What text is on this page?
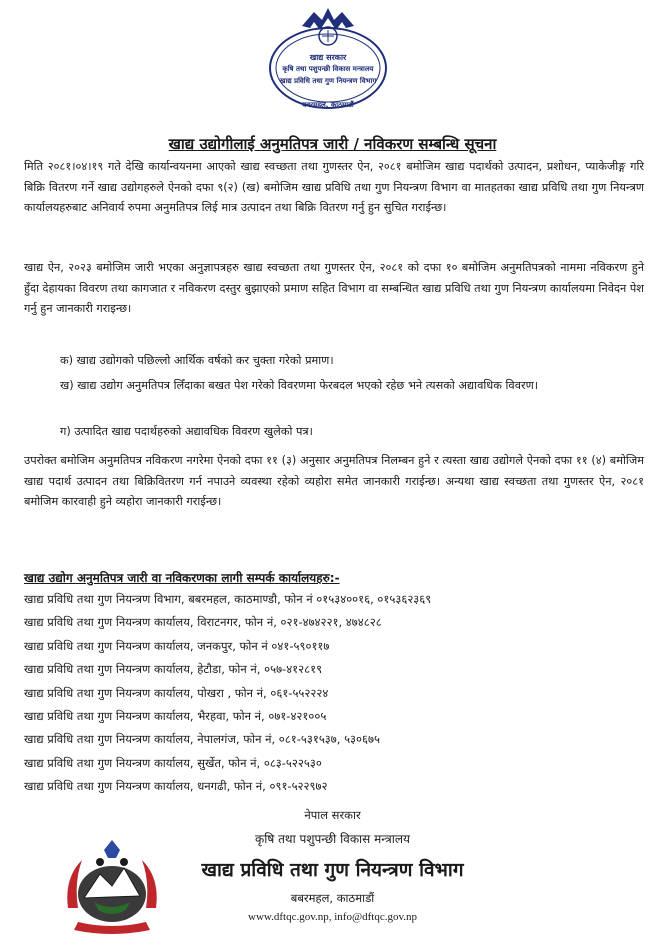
खाद्य सरकार
कृषि तथा पशुपन्छी विकास मन्त्रालय
खाद्य प्रविधि तथा गुण नियन्त्रण विभाग
बबरमहल, काठमाडौं
खाद्य उद्योगीलाई अनुमतिपत्र जारी / नविकरण सम्बन्धि सूचना

मिति २०८१।०४।१९ गते देखि कार्यान्वयनमा आएको खाद्य स्वच्छता तथा गुणस्तर ऐन, २०८१ बमोजिम खाद्य पदार्थको उत्पादन, प्रशोधन, प्याकेजीङ्ग गरि बिक्रि वितरण गर्ने खाद्य उद्योगहरुले ऐनको दफा ९(२) (ख) बमोजिम खाद्य प्रविधि तथा गुण नियन्त्रण विभाग वा मातहतका खाद्य प्रविधि तथा गुण नियन्त्रण कार्यालयहरुबाट अनिवार्य रुपमा अनुमतिपत्र लिई मात्र उत्पादन तथा बिक्रि वितरण गर्नु हुन सुचित गराईन्छ।

खाद्य ऐन, २०२३ बमोजिम जारी भएका अनुज्ञापत्रहरु खाद्य स्वच्छता तथा गुणस्तर ऐन, २०८१ को दफा १० बमोजिम अनुमतिपत्रको नाममा नविकरण हुने हुँदा देहायका विवरण तथा कागजात र नविकरण दस्तुर बुझाएको प्रमाण सहित विभाग वा सम्बन्धित खाद्य प्रविधि तथा गुण नियन्त्रण कार्यालयमा निवेदन पेश गर्नु हुन जानकारी गराइन्छ।

क) खाद्य उद्योगको पछिल्लो आर्थिक वर्षको कर चुक्ता गरेको प्रमाण।

ख) खाद्य उद्योग अनुमतिपत्र लिँदाका बखत पेश गरेको विवरणमा फेरबदल भएको रहेछ भने त्यसको अद्यावधिक विवरण।

ग) उत्पादित खाद्य पदार्थहरुको अद्यावधिक विवरण खुलेको पत्र।

उपरोक्त बमोजिम अनुमतिपत्र नविकरण नगरेमा ऐनको दफा ११ (३) अनुसार अनुमतिपत्र निलम्बन हुने र त्यस्ता खाद्य उद्योगले ऐनको दफा ११ (४) बमोजिम खाद्य पदार्थ उत्पादन तथा बिक्रिवितरण गर्न नपाउने व्यवस्था रहेको व्यहोरा समेत जानकारी गराईन्छ। अन्यथा खाद्य स्वच्छता तथा गुणस्तर ऐन, २०८१ बमोजिम कारवाही हुने व्यहोरा जानकारी गराईन्छ।

खाद्य उद्योग अनुमतिपत्र जारी वा नविकरणका लागी सम्पर्क कार्यालयहरु:-
खाद्य प्रविधि तथा गुण नियन्त्रण विभाग, बबरमहल, काठमाण्डौ, फोन नं ०१५३४००१६, ०१५३६२३६९
खाद्य प्रविधि तथा गुण नियन्त्रण कार्यालय, विराटनगर, फोन नं, ०२१-४७४२२१, ४७४८२८
खाद्य प्रविधि तथा गुण नियन्त्रण कार्यालय, जनकपुर, फोन नं ०४१-५९०११७
खाद्य प्रविधि तथा गुण नियन्त्रण कार्यालय, हेटौडा, फोन नं, ०५७-४१२८१९
खाद्य प्रविधि तथा गुण नियन्त्रण कार्यालय, पोखरा , फोन नं, ०६१-५५२२२४
खाद्य प्रविधि तथा गुण नियन्त्रण कार्यालय, भैरहवा, फोन नं, ०७१-४२१००५
खाद्य प्रविधि तथा गुण नियन्त्रण कार्यालय, नेपालगंज, फोन नं, ०८१-५३१५३७, ५३०६७५
खाद्य प्रविधि तथा गुण नियन्त्रण कार्यालय, सुर्खेत, फोन नं, ०८३-५२२५३०
खाद्य प्रविधि तथा गुण नियन्त्रण कार्यालय, धनगढी, फोन नं, ०९१-५२२९७२
नेपाल सरकार
कृषि तथा पशुपन्छी विकास मन्त्रालय
खाद्य प्रविधि तथा गुण नियन्त्रण विभाग
बबरमहल, काठमाडौं
www.dftqc.gov.np, info@dftqc.gov.np
